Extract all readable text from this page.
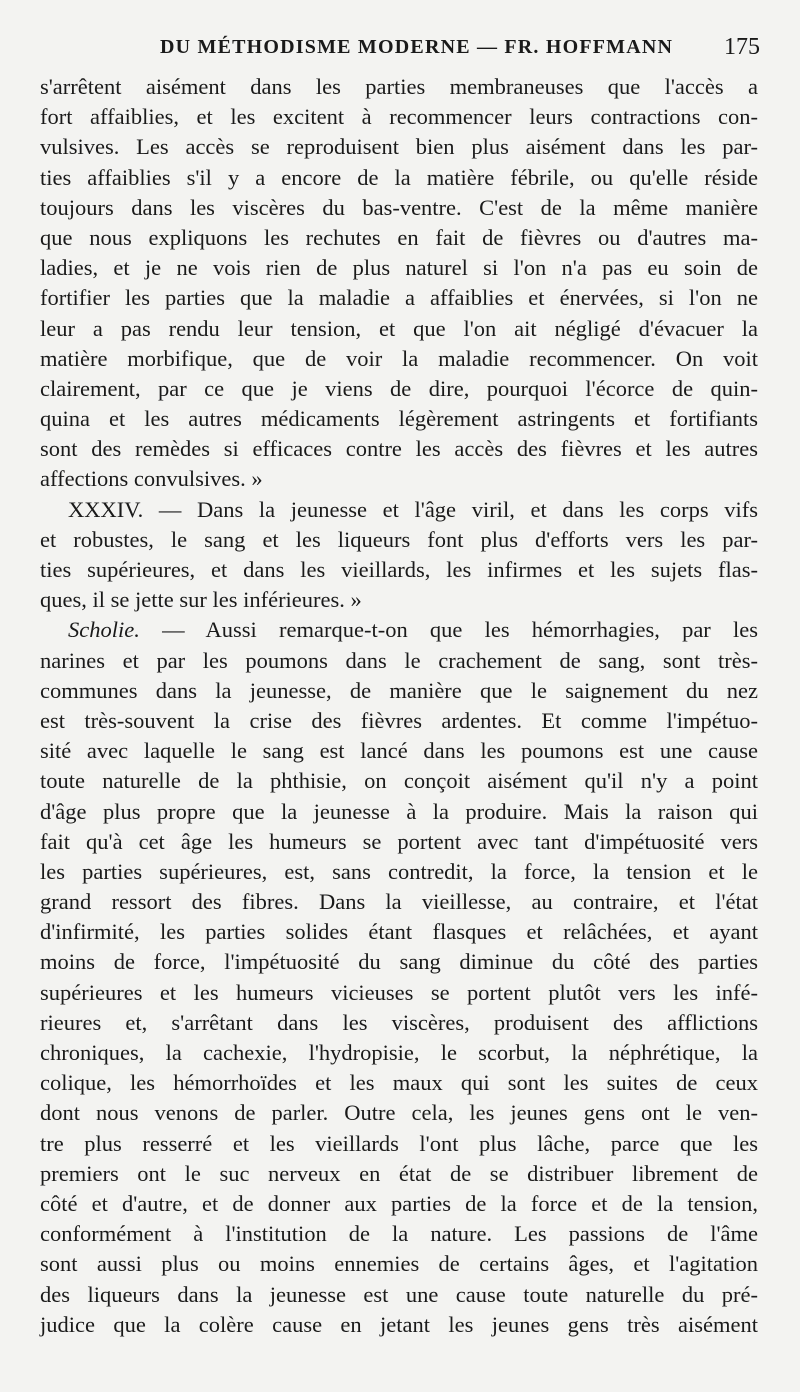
DU MÉTHODISME MODERNE — FR. HOFFMANN 175
s'arrêtent aisément dans les parties membraneuses que l'accès a
fort affaiblies, et les excitent à recommencer leurs contractions con-
vulsives. Les accès se reproduisent bien plus aisément dans les par-
ties affaiblies s'il y a encore de la matière fébrile, ou qu'elle réside
toujours dans les viscères du bas-ventre. C'est de la même manière
que nous expliquons les rechutes en fait de fièvres ou d'autres ma-
ladies, et je ne vois rien de plus naturel si l'on n'a pas eu soin de
fortifier les parties que la maladie a affaiblies et énervées, si l'on ne
leur a pas rendu leur tension, et que l'on ait négligé d'évacuer la
matière morbifique, que de voir la maladie recommencer. On voit
clairement, par ce que je viens de dire, pourquoi l'écorce de quin-
quina et les autres médicaments légèrement astringents et fortifiants
sont des remèdes si efficaces contre les accès des fièvres et les autres
affections convulsives. »
XXXIV. — Dans la jeunesse et l'âge viril, et dans les corps vifs
et robustes, le sang et les liqueurs font plus d'efforts vers les par-
ties supérieures, et dans les vieillards, les infirmes et les sujets flas-
ques, il se jette sur les inférieures. »
Scholie. — Aussi remarque-t-on que les hémorrhagies, par les
narines et par les poumons dans le crachement de sang, sont très-
communes dans la jeunesse, de manière que le saignement du nez
est très-souvent la crise des fièvres ardentes. Et comme l'impétuo-
sité avec laquelle le sang est lancé dans les poumons est une cause
toute naturelle de la phthisie, on conçoit aisément qu'il n'y a point
d'âge plus propre que la jeunesse à la produire. Mais la raison qui
fait qu'à cet âge les humeurs se portent avec tant d'impétuosité vers
les parties supérieures, est, sans contredit, la force, la tension et le
grand ressort des fibres. Dans la vieillesse, au contraire, et l'état
d'infirmité, les parties solides étant flasques et relâchées, et ayant
moins de force, l'impétuosité du sang diminue du côté des parties
supérieures et les humeurs vicieuses se portent plutôt vers les infé-
rieures et, s'arrêtant dans les viscères, produisent des afflictions
chroniques, la cachexie, l'hydropisie, le scorbut, la néphrétique, la
colique, les hémorrhoïdes et les maux qui sont les suites de ceux
dont nous venons de parler. Outre cela, les jeunes gens ont le ven-
tre plus resserré et les vieillards l'ont plus lâche, parce que les
premiers ont le suc nerveux en état de se distribuer librement de
côté et d'autre, et de donner aux parties de la force et de la tension,
conformément à l'institution de la nature. Les passions de l'âme
sont aussi plus ou moins ennemies de certains âges, et l'agitation
des liqueurs dans la jeunesse est une cause toute naturelle du pré-
judice que la colère cause en jetant les jeunes gens très aisément
